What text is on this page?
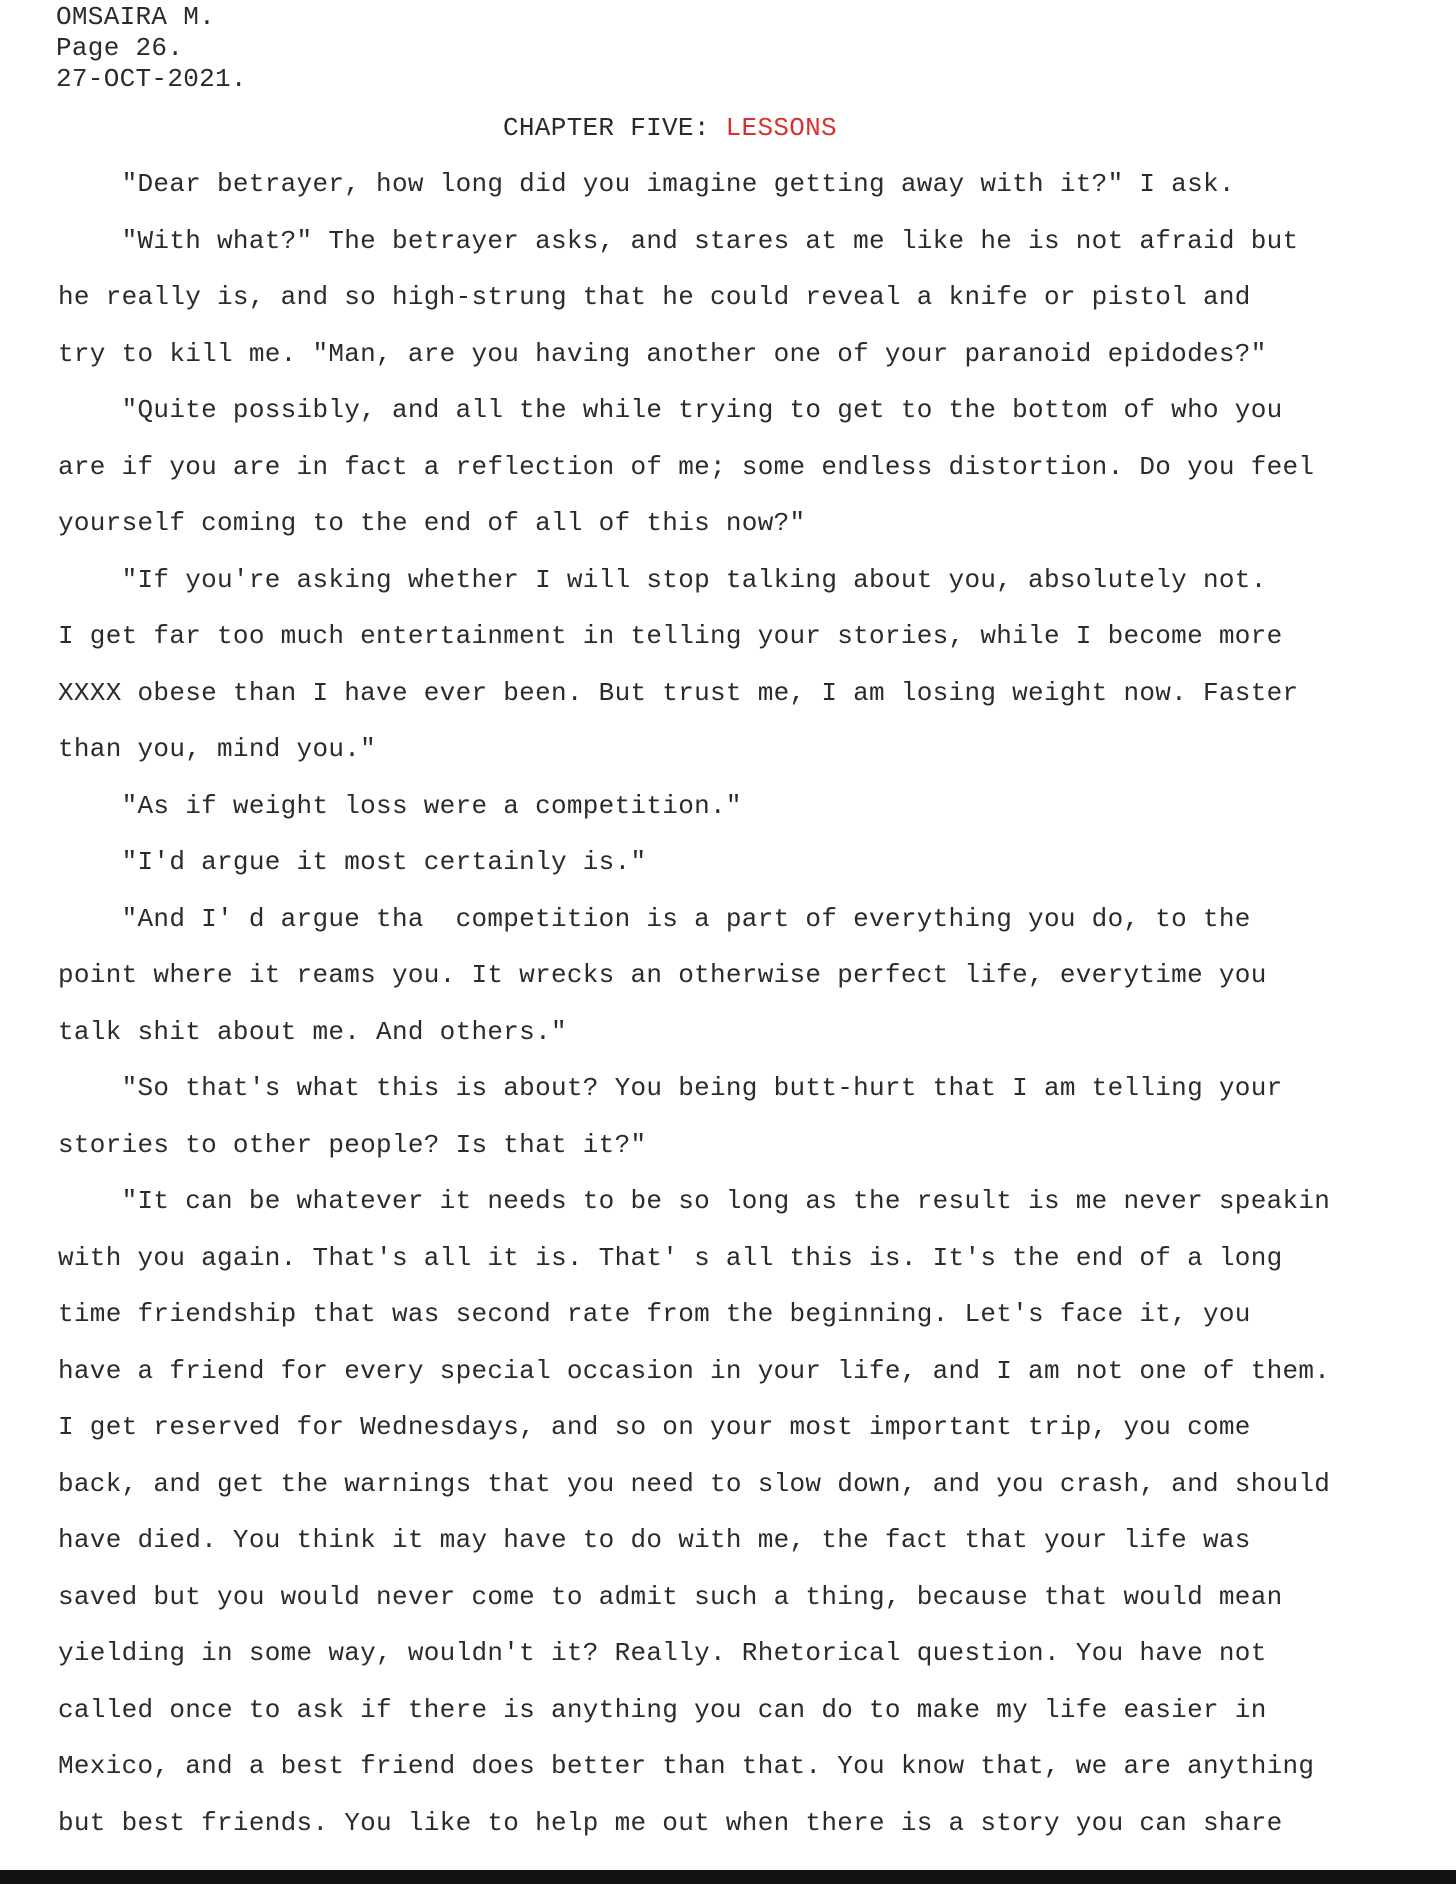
OMSAIRA M.
Page 26.
27-OCT-2021.
CHAPTER FIVE: LESSONS
"Dear betrayer, how long did you imagine getting away with it?" I ask.
"With what?" The betrayer asks, and stares at me like he is not afraid but
he really is, and so high-strung that he could reveal a knife or pistol and
try to kill me. "Man, are you having another one of your paranoid epidodes?"
"Quite possibly, and all the while trying to get to the bottom of who you
are if you are in fact a reflection of me; some endless distortion. Do you feel
yourself coming to the end of all of this now?"
"If you're asking whether I will stop talking about you, absolutely not.
I get far too much entertainment in telling your stories, while I become more
XXXX obese than I have ever been. But trust me, I am losing weight now. Faster
than you, mind you."
"As if weight loss were a competition."
"I'd argue it most certainly is."
"And I' d argue tha  competition is a part of everything you do, to the
point where it reams you. It wrecks an otherwise perfect life, everytime you
talk shit about me. And others."
"So that's what this is about? You being butt-hurt that I am telling your
stories to other people? Is that it?"
"It can be whatever it needs to be so long as the result is me never speakin
with you again. That's all it is. That' s all this is. It's the end of a long
time friendship that was second rate from the beginning. Let's face it, you
have a friend for every special occasion in your life, and I am not one of them.
I get reserved for Wednesdays, and so on your most important trip, you come
back, and get the warnings that you need to slow down, and you crash, and should
have died. You think it may have to do with me, the fact that your life was
saved but you would never come to admit such a thing, because that would mean
yielding in some way, wouldn't it? Really. Rhetorical question. You have not
called once to ask if there is anything you can do to make my life easier in
Mexico, and a best friend does better than that. You know that, we are anything
but best friends. You like to help me out when there is a story you can share
